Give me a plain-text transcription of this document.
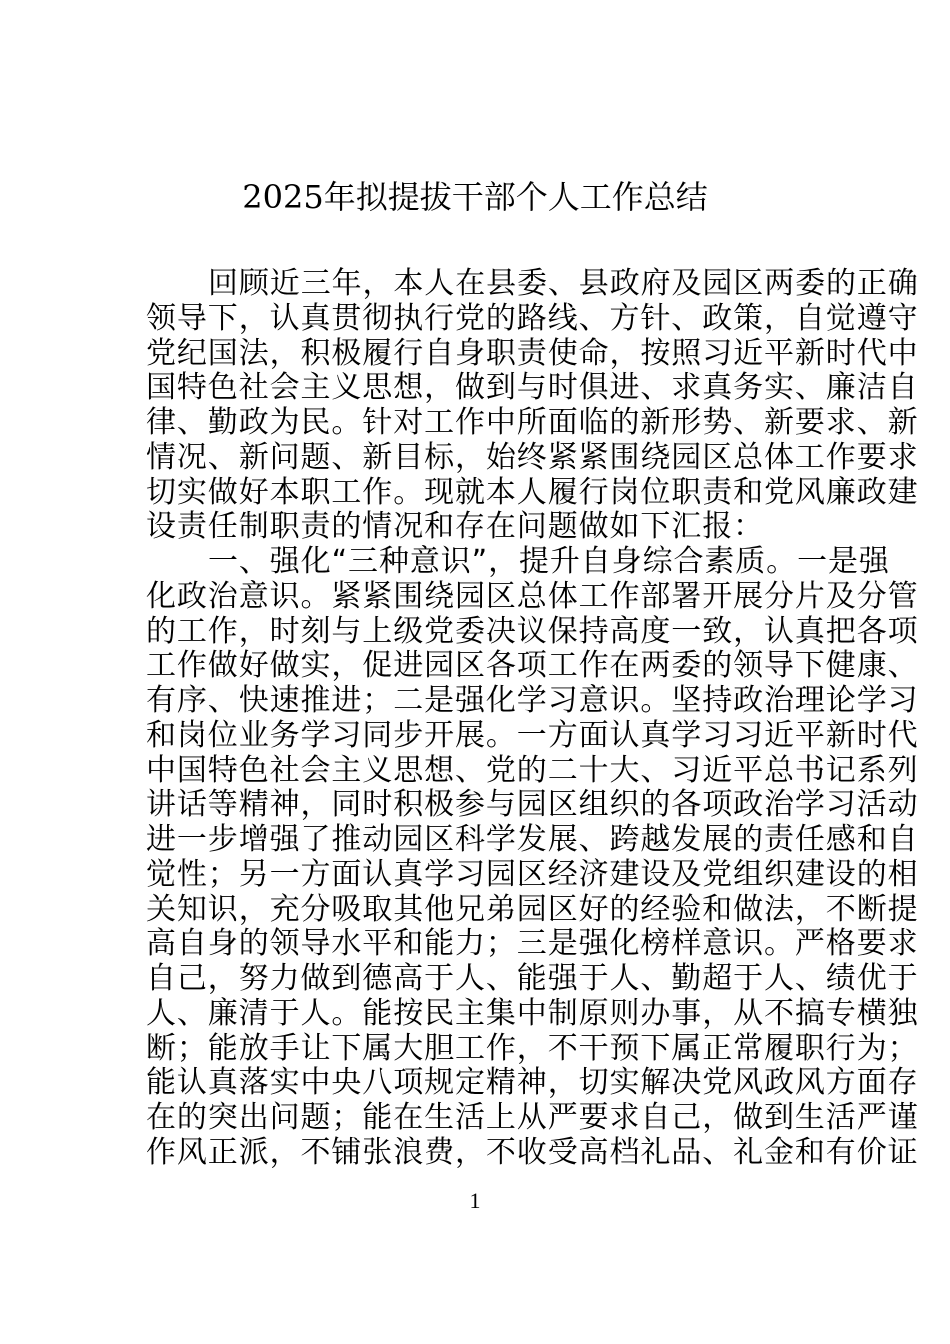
2025年拟提拔干部个人工作总结
回顾近三年，本人在县委、县政府及园区两委的正确
领导下，认真贯彻执行党的路线、方针、政策，自觉遵守
党纪国法，积极履行自身职责使命，按照习近平新时代中
国特色社会主义思想，做到与时俱进、求真务实、廉洁自
律、勤政为民。针对工作中所面临的新形势、新要求、新
情况、新问题、新目标，始终紧紧围绕园区总体工作要求
切实做好本职工作。现就本人履行岗位职责和党风廉政建
设责任制职责的情况和存在问题做如下汇报：
一、强化“三种意识”，提升自身综合素质。一是强
化政治意识。紧紧围绕园区总体工作部署开展分片及分管
的工作，时刻与上级党委决议保持高度一致，认真把各项
工作做好做实，促进园区各项工作在两委的领导下健康、
有序、快速推进；二是强化学习意识。坚持政治理论学习
和岗位业务学习同步开展。一方面认真学习习近平新时代
中国特色社会主义思想、党的二十大、习近平总书记系列
讲话等精神，同时积极参与园区组织的各项政治学习活动
进一步增强了推动园区科学发展、跨越发展的责任感和自
觉性；另一方面认真学习园区经济建设及党组织建设的相
关知识，充分吸取其他兄弟园区好的经验和做法，不断提
高自身的领导水平和能力；三是强化榜样意识。严格要求
自己，努力做到德高于人、能强于人、勤超于人、绩优于
人、廉清于人。能按民主集中制原则办事，从不搞专横独
断；能放手让下属大胆工作，不干预下属正常履职行为；
能认真落实中央八项规定精神，切实解决党风政风方面存
在的突出问题；能在生活上从严要求自己，做到生活严谨
作风正派，不铺张浪费，不收受高档礼品、礼金和有价证
1
